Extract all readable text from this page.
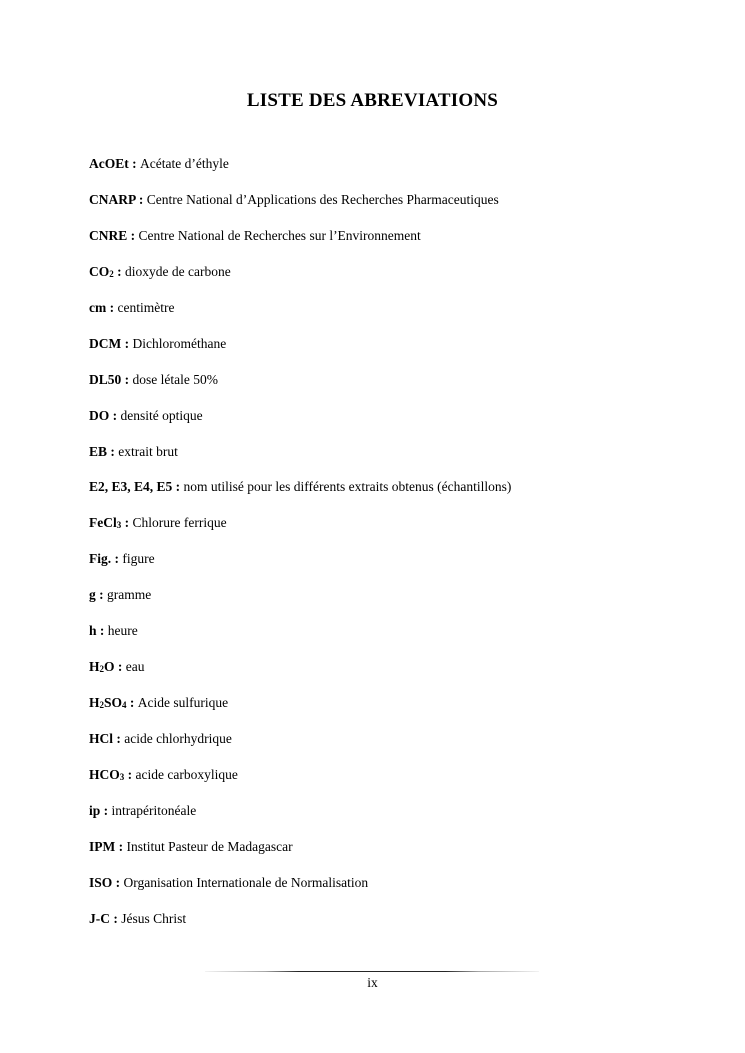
LISTE DES ABREVIATIONS
AcOEt : Acétate d’éthyle
CNARP : Centre National d’Applications des Recherches Pharmaceutiques
CNRE : Centre National de Recherches sur l’Environnement
$CO_2$ : dioxyde de carbone
cm : centimètre
DCM : Dichlorométhane
DL50 : dose létale 50%
DO : densité optique
EB : extrait brut
E2, E3, E4, E5 : nom utilisé pour les différents extraits obtenus (échantillons)
FeCl$_3$ : Chlorure ferrique
Fig. : figure
g : gramme
h : heure
$H_2O$ : eau
$H_2SO_4$ : Acide sulfurique
HCl : acide chlorhydrique
$HCO_3$ : acide carboxylique
ip : intrapéritonéale
IPM : Institut Pasteur de Madagascar
ISO : Organisation Internationale de Normalisation
J-C : Jésus Christ
ix
